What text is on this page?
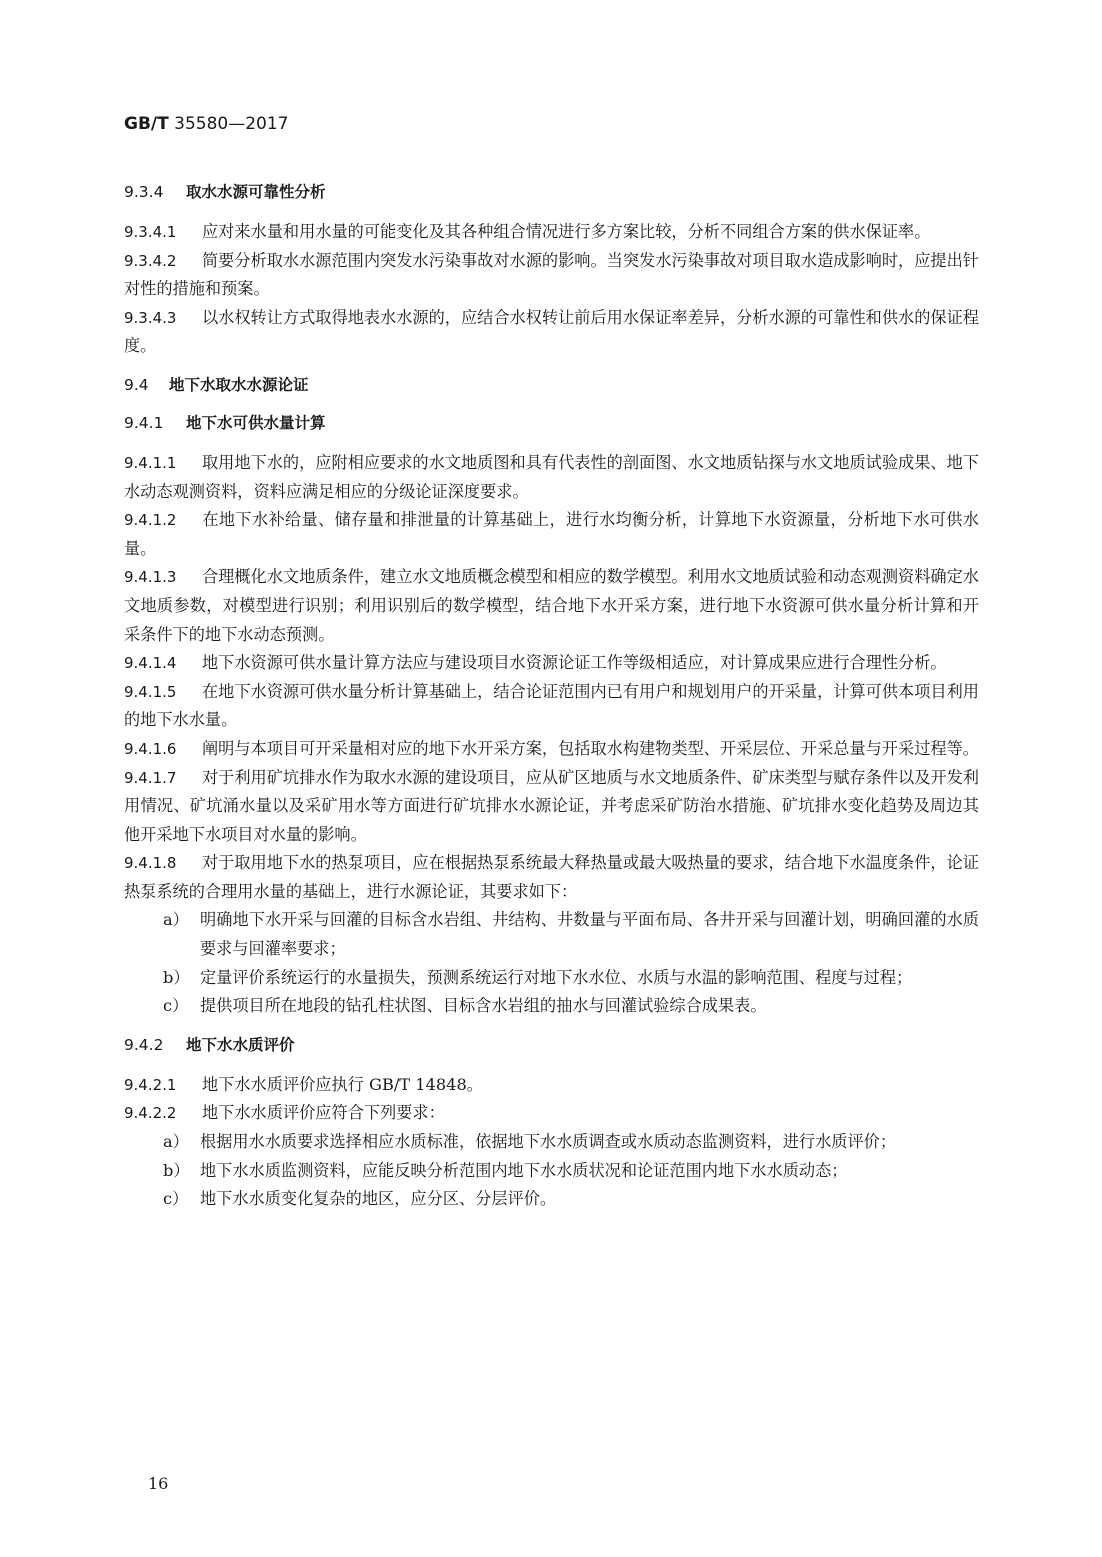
GB/T 35580—2017
9.3.4 取水水源可靠性分析

9.3.4.1 应对来水量和用水量的可能变化及其各种组合情况进行多方案比较，分析不同组合方案的供水保证率。

9.3.4.2 简要分析取水水源范围内突发水污染事故对水源的影响。当突发水污染事故对项目取水造成影响时，应提出针对性的措施和预案。

9.3.4.3 以水权转让方式取得地表水水源的，应结合水权转让前后用水保证率差异，分析水源的可靠性和供水的保证程度。

9.4 地下水取水水源论证
9.4.1 地下水可供水量计算

9.4.1.1 取用地下水的，应附相应要求的水文地质图和具有代表性的剖面图、水文地质钻探与水文地质试验成果、地下水动态观测资料，资料应满足相应的分级论证深度要求。

9.4.1.2 在地下水补给量、储存量和排泄量的计算基础上，进行水均衡分析，计算地下水资源量，分析地下水可供水量。

9.4.1.3 合理概化水文地质条件，建立水文地质概念模型和相应的数学模型。利用水文地质试验和动态观测资料确定水文地质参数，对模型进行识别；利用识别后的数学模型，结合地下水开采方案，进行地下水资源可供水量分析计算和开采条件下的地下水动态预测。

9.4.1.4 地下水资源可供水量计算方法应与建设项目水资源论证工作等级相适应，对计算成果应进行合理性分析。

9.4.1.5 在地下水资源可供水量分析计算基础上，结合论证范围内已有用户和规划用户的开采量，计算可供本项目利用的地下水水量。

9.4.1.6 阐明与本项目可开采量相对应的地下水开采方案，包括取水构建物类型、开采层位、开采总量与开采过程等。

9.4.1.7 对于利用矿坑排水作为取水水源的建设项目，应从矿区地质与水文地质条件、矿床类型与赋存条件以及开发利用情况、矿坑涌水量以及采矿用水等方面进行矿坑排水水源论证，并考虑采矿防治水措施、矿坑排水变化趋势及周边其他开采地下水项目对水量的影响。

9.4.1.8 对于取用地下水的热泵项目，应在根据热泵系统最大释热量或最大吸热量的要求，结合地下水温度条件，论证热泵系统的合理用水量的基础上，进行水源论证，其要求如下：

a） 明确地下水开采与回灌的目标含水岩组、井结构、井数量与平面布局、各井开采与回灌计划，明确回灌的水质要求与回灌率要求；

b） 定量评价系统运行的水量损失，预测系统运行对地下水水位、水质与水温的影响范围、程度与过程；

c） 提供项目所在地段的钻孔柱状图、目标含水岩组的抽水与回灌试验综合成果表。

9.4.2 地下水水质评价

9.4.2.1 地下水水质评价应执行 GB/T 14848。

9.4.2.2 地下水水质评价应符合下列要求：

a） 根据用水水质要求选择相应水质标准，依据地下水水质调查或水质动态监测资料，进行水质评价；

b） 地下水水质监测资料，应能反映分析范围内地下水水质状况和论证范围内地下水水质动态；

c） 地下水水质变化复杂的地区，应分区、分层评价。

16
